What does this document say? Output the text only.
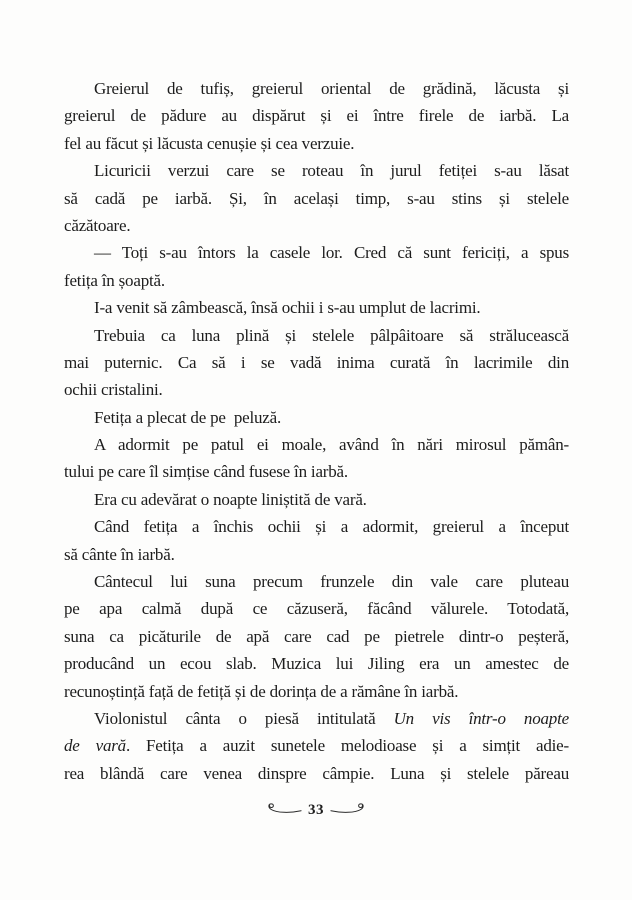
Greierul de tufiș, greierul oriental de grădină, lăcusta și
greierul de pădure au dispărut și ei între firele de iarbă. La
fel au făcut și lăcusta cenușie și cea verzuie.
Licuricii verzui care se roteau în jurul fetiței s-au lăsat
să cadă pe iarbă. Și, în același timp, s-au stins și stelele
căzătoare.
— Toți s-au întors la casele lor. Cred că sunt fericiți, a spus
fetița în șoaptă.
I-a venit să zâmbească, însă ochii i s-au umplut de lacrimi.
Trebuia ca luna plină și stelele pâlpâitoare să strălucească
mai puternic. Ca să i se vadă inima curată în lacrimile din
ochii cristalini.
Fetița a plecat de pe  peluză.
A adormit pe patul ei moale, având în nări mirosul pămân-
tului pe care îl simțise când fusese în iarbă.
Era cu adevărat o noapte liniștită de vară.
Când fetița a închis ochii și a adormit, greierul a început
să cânte în iarbă.
Cântecul lui suna precum frunzele din vale care pluteau
pe apa calmă după ce căzuseră, făcând vălurele. Totodată,
suna ca picăturile de apă care cad pe pietrele dintr-o peșteră,
producând un ecou slab. Muzica lui Jiling era un amestec de
recunoștință față de fetiță și de dorința de a rămâne în iarbă.
Violonistul cânta o piesă intitulată Un vis într-o noapte
de vară. Fetița a auzit sunetele melodioase și a simțit adie-
rea blândă care venea dinspre câmpie. Luna și stelele păreau
33
